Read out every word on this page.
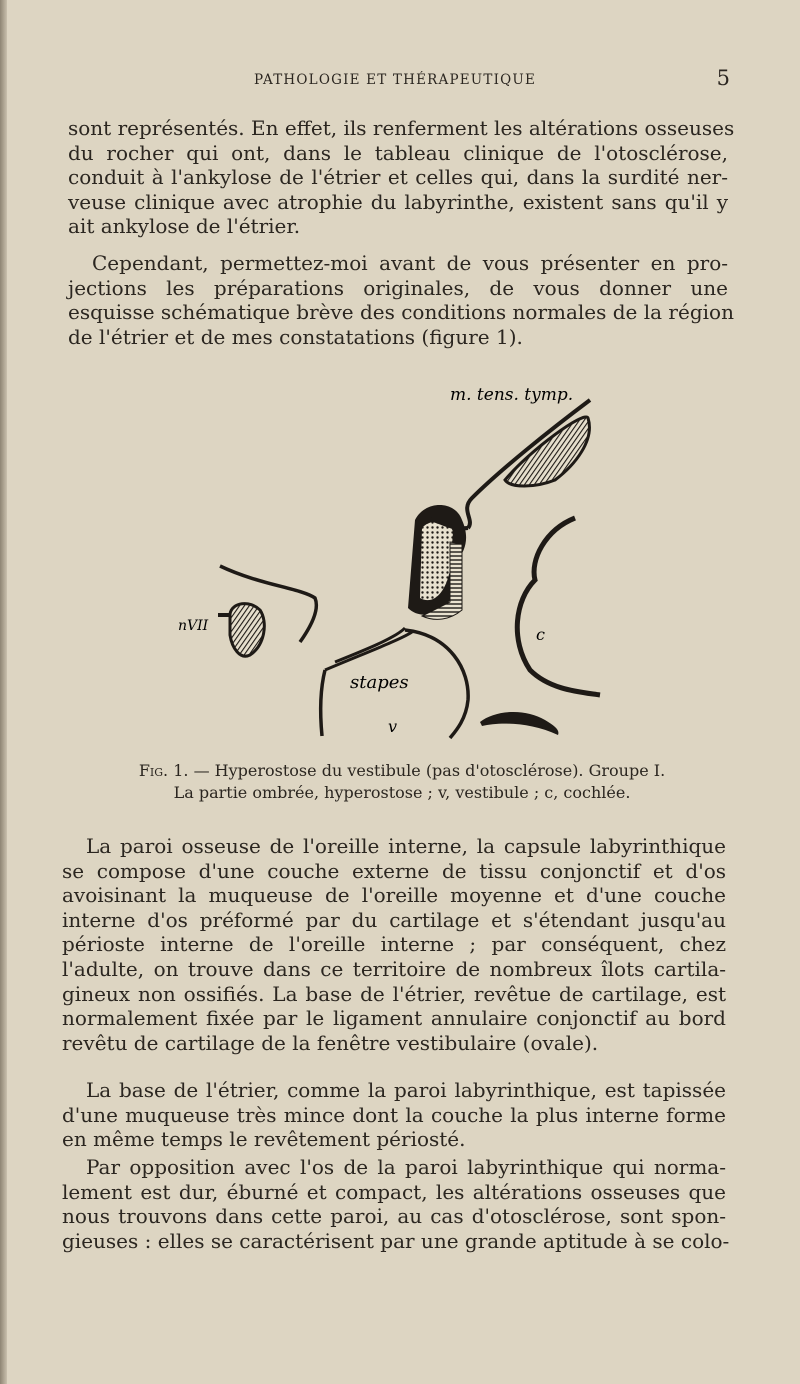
PATHOLOGIE ET THÉRAPEUTIQUE	5

sont représentés. En effet, ils renferment les altérations osseuses
du rocher qui ont, dans le tableau clinique de l'otosclérose,
conduit à l'ankylose de l'étrier et celles qui, dans la surdité ner-
veuse clinique avec atrophie du labyrinthe, existent sans qu'il y
ait ankylose de l'étrier.

Cependant, permettez-moi avant de vous présenter en pro-
jections les préparations originales, de vous donner une
esquisse schématique brève des conditions normales de la région
de l'étrier et de mes constatations (figure 1).

m. tens. tymp.
nVII	c
stapes
v
Fig. 1. — Hyperostose du vestibule (pas d'otosclérose). Groupe I.
La partie ombrée, hyperostose ; v, vestibule ; c, cochlée.

La paroi osseuse de l'oreille interne, la capsule labyrinthique
se compose d'une couche externe de tissu conjonctif et d'os
avoisinant la muqueuse de l'oreille moyenne et d'une couche
interne d'os préformé par du cartilage et s'étendant jusqu'au
périoste interne de l'oreille interne ; par conséquent, chez
l'adulte, on trouve dans ce territoire de nombreux îlots cartila-
gineux non ossifiés. La base de l'étrier, revêtue de cartilage, est
normalement fixée par le ligament annulaire conjonctif au bord
revêtu de cartilage de la fenêtre vestibulaire (ovale).

La base de l'étrier, comme la paroi labyrinthique, est tapissée
d'une muqueuse très mince dont la couche la plus interne forme
en même temps le revêtement périosté.

Par opposition avec l'os de la paroi labyrinthique qui norma-
lement est dur, éburné et compact, les altérations osseuses que
nous trouvons dans cette paroi, au cas d'otosclérose, sont spon-
gieuses : elles se caractérisent par une grande aptitude à se colo-
